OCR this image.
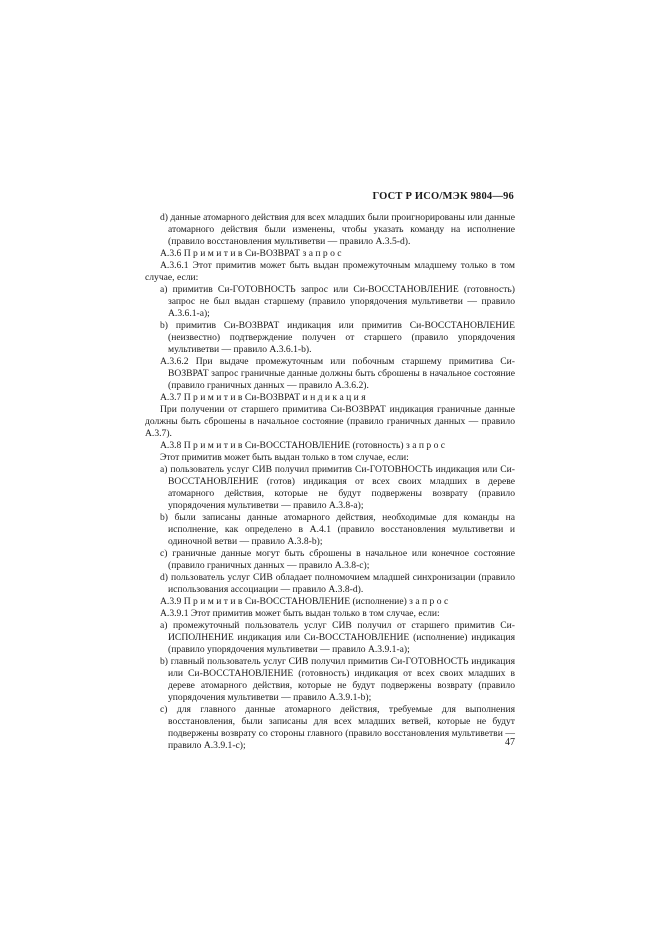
ГОСТ Р ИСО/МЭК 9804—96
d) данные атомарного действия для всех младших были проигнорированы или данные атомарного действия были изменены, чтобы указать команду на исполнение (правило восстановления мультиветви — правило А.3.5-d).
А.3.6 П р и м и т и в Си-ВОЗВРАТ з а п р о с
А.3.6.1 Этот примитив может быть выдан промежуточным младшему только в том случае, если:
a) примитив Си-ГОТОВНОСТЬ запрос или Си-ВОССТАНОВЛЕНИЕ (готовность) запрос не был выдан старшему (правило упорядочения мультиветви — правило А.3.6.1-а);
b) примитив Си-ВОЗВРАТ индикация или примитив Си-ВОССТАНОВЛЕНИЕ (неизвестно) подтверждение получен от старшего (правило упорядочения мультиветви — правило А.3.6.1-b).
А.3.6.2 При выдаче промежуточным или побочным старшему примитива Си-ВОЗВРАТ запрос граничные данные должны быть сброшены в начальное состояние (правило граничных данных — правило А.3.6.2).
А.3.7 П р и м и т и в Си-ВОЗВРАТ и н д и к а ц и я
При получении от старшего примитива Си-ВОЗВРАТ индикация граничные данные должны быть сброшены в начальное состояние (правило граничных данных — правило А.3.7).
А.3.8 П р и м и т и в Си-ВОССТАНОВЛЕНИЕ (готовность) з а п р о с
Этот примитив может быть выдан только в том случае, если:
a) пользователь услуг СИВ получил примитив Си-ГОТОВНОСТЬ индикация или Си-ВОССТАНОВЛЕНИЕ (готов) индикация от всех своих младших в дереве атомарного действия, которые не будут подвержены возврату (правило упорядочения мультиветви — правило А.3.8-а);
b) были записаны данные атомарного действия, необходимые для команды на исполнение, как определено в А.4.1 (правило восстановления мультиветви и одиночной ветви — правило А.3.8-b);
c) граничные данные могут быть сброшены в начальное или конечное состояние (правило граничных данных — правило А.3.8-с);
d) пользователь услуг СИВ обладает полномочием младшей синхронизации (правило использования ассоциации — правило А.3.8-d).
А.3.9 П р и м и т и в Си-ВОССТАНОВЛЕНИЕ (исполнение) з а п р о с
А.3.9.1 Этот примитив может быть выдан только в том случае, если:
a) промежуточный пользователь услуг СИВ получил от старшего примитив Си-ИСПОЛНЕНИЕ индикация или Си-ВОССТАНОВЛЕНИЕ (исполнение) индикация (правило упорядочения мультиветви — правило А.3.9.1-а);
b) главный пользователь услуг СИВ получил примитив Си-ГОТОВНОСТЬ индикация или Си-ВОССТАНОВЛЕНИЕ (готовность) индикация от всех своих младших в дереве атомарного действия, которые не будут подвержены возврату (правило упорядочения мультиветви — правило А.3.9.1-b);
c) для главного данные атомарного действия, требуемые для выполнения восстановления, были записаны для всех младших ветвей, которые не будут подвержены возврату со стороны главного (правило восстановления мультиветви — правило А.3.9.1-с);	47
